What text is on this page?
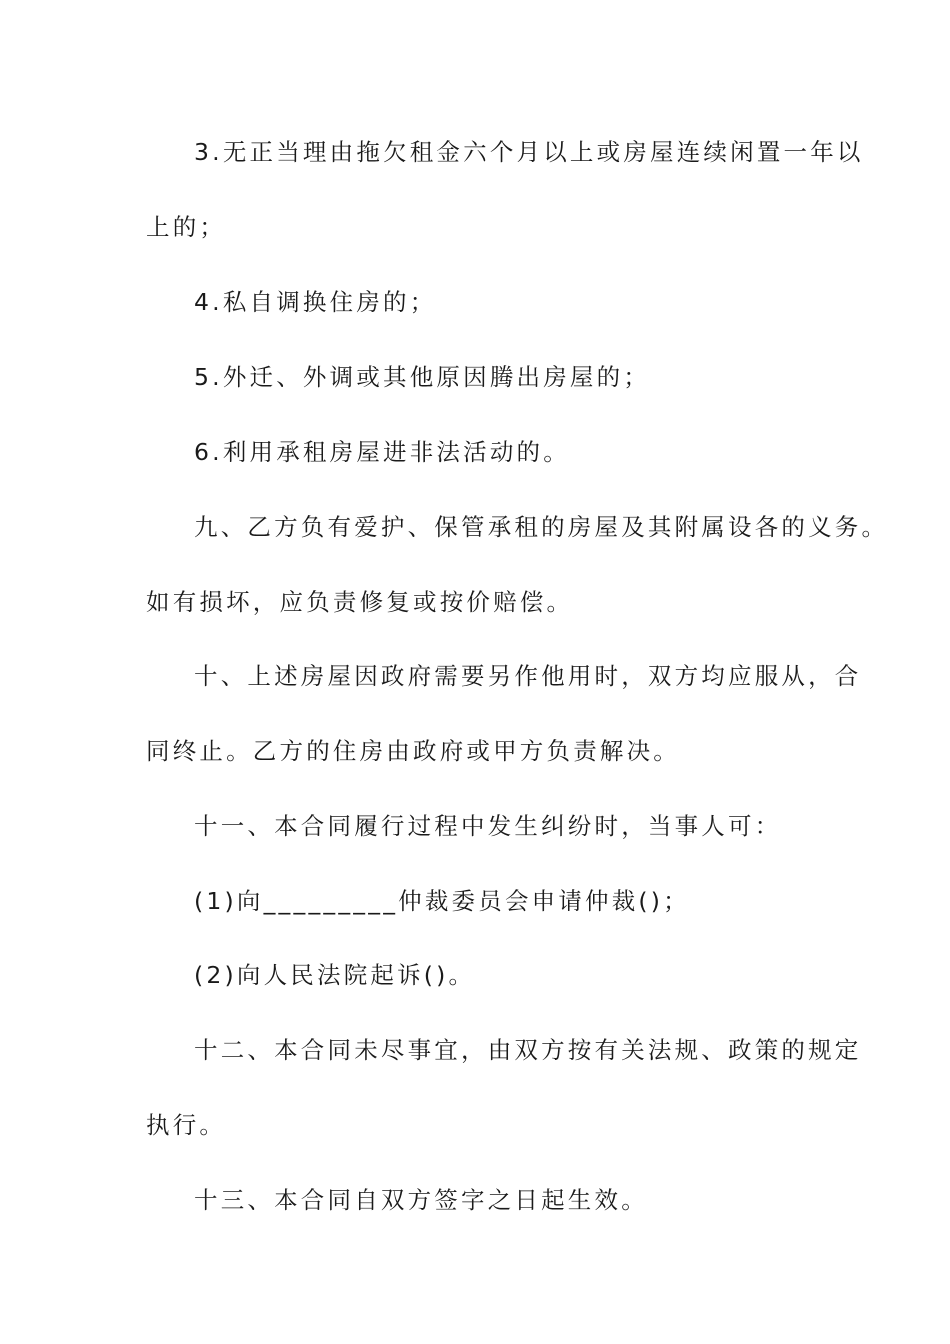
3.无正当理由拖欠租金六个月以上或房屋连续闲置一年以
上的；
4.私自调换住房的；
5.外迁、外调或其他原因腾出房屋的；
6.利用承租房屋进非法活动的。
九、乙方负有爱护、保管承租的房屋及其附属设各的义务。
如有损坏，应负责修复或按价赔偿。
十、上述房屋因政府需要另作他用时，双方均应服从，合
同终止。乙方的住房由政府或甲方负责解决。
十一、本合同履行过程中发生纠纷时，当事人可：
(1)向_________仲裁委员会申请仲裁()；
(2)向人民法院起诉()。
十二、本合同未尽事宜，由双方按有关法规、政策的规定
执行。
十三、本合同自双方签字之日起生效。
